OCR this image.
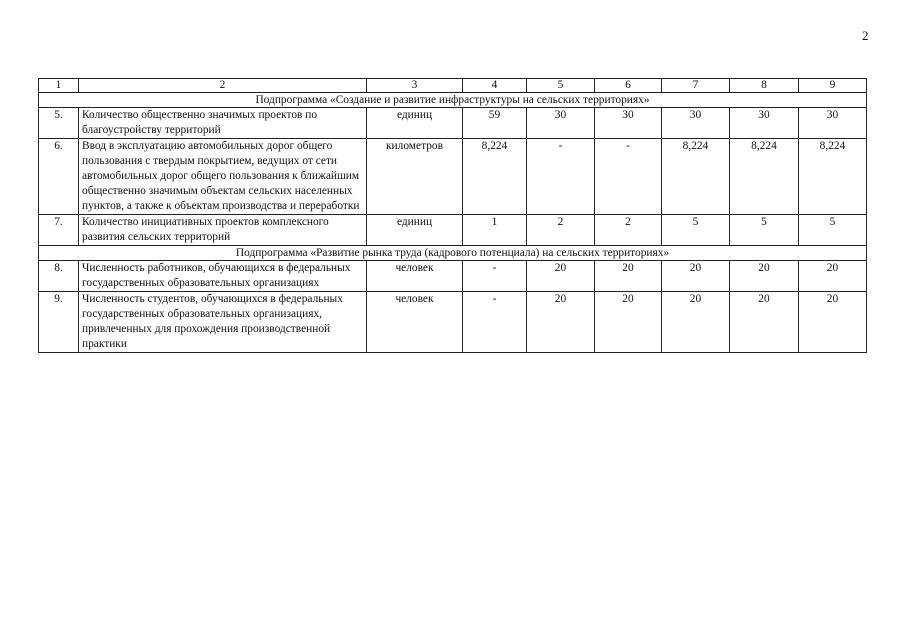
2
1	2	3	4	5	6	7	8	9
Подпрограмма «Создание и развитие инфраструктуры на сельских территориях»								
5.	Количество общественно значимых проектов по благоустройству территорий	единиц	59	30	30	30	30	30
6.	Ввод в эксплуатацию автомобильных дорог общего пользования с твердым покрытием, ведущих от сети автомобильных дорог общего пользования к ближайшим общественно значимым объектам сельских населенных пунктов, а также к объектам производства и переработки	километров	8,224	-	-	8,224	8,224	8,224
7.	Количество инициативных проектов комплексного развития сельских территорий	единиц	1	2	2	5	5	5
Подпрограмма «Развитие рынка труда (кадрового потенциала) на сельских территориях»								
8.	Численность работников, обучающихся в федеральных государственных образовательных организациях	человек	-	20	20	20	20	20
9.	Численность студентов, обучающихся в федеральных государственных образовательных организациях, привлеченных для прохождения производственной практики	человек	-	20	20	20	20	20
